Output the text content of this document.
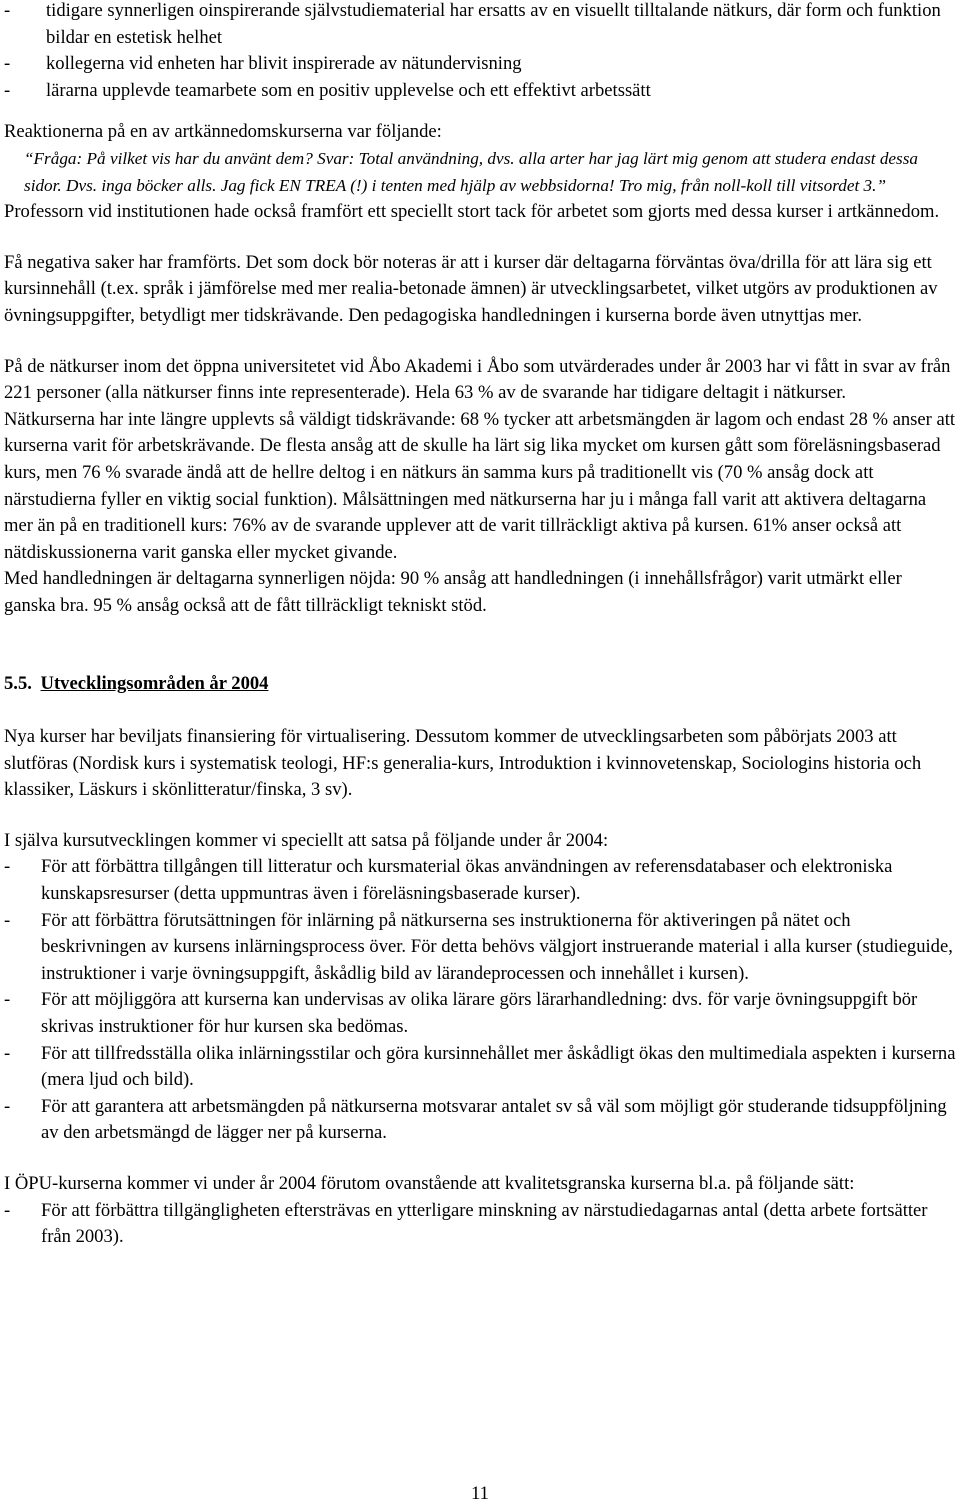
- tidigare synnerligen oinspirerande självstudiematerial har ersatts av en visuellt tilltalande nätkurs, där form och funktion bildar en estetisk helhet
- kollegerna vid enheten har blivit inspirerade av nätundervisning
- lärarna upplevde teamarbete som en positiv upplevelse och ett effektivt arbetssätt

Reaktionerna på en av artkännedomskurserna var följande:

“Fråga: På vilket vis har du använt dem? Svar: Total användning, dvs. alla arter har jag lärt mig genom att studera endast dessa sidor. Dvs. inga böcker alls. Jag fick EN TREA (!) i tenten med hjälp av webbsidorna! Tro mig, från noll-koll till vitsordet 3.”

Professorn vid institutionen hade också framfört ett speciellt stort tack för arbetet som gjorts med dessa kurser i artkännedom.

Få negativa saker har framförts. Det som dock bör noteras är att i kurser där deltagarna förväntas öva/drilla för att lära sig ett kursinnehåll (t.ex. språk i jämförelse med mer realia-betonade ämnen) är utvecklingsarbetet, vilket utgörs av produktionen av övningsuppgifter, betydligt mer tidskrävande. Den pedagogiska handledningen i kurserna borde även utnyttjas mer.

På de nätkurser inom det öppna universitetet vid Åbo Akademi i Åbo som utvärderades under år 2003 har vi fått in svar av från 221 personer (alla nätkurser finns inte representerade). Hela 63 % av de svarande har tidigare deltagit i nätkurser.

Nätkurserna har inte längre upplevts så väldigt tidskrävande: 68 % tycker att arbetsmängden är lagom och endast 28 % anser att kurserna varit för arbetskrävande. De flesta ansåg att de skulle ha lärt sig lika mycket om kursen gått som föreläsningsbaserad kurs, men 76 % svarade ändå att de hellre deltog i en nätkurs än samma kurs på traditionellt vis (70 % ansåg dock att närstudierna fyller en viktig social funktion). Målsättningen med nätkurserna har ju i många fall varit att aktivera deltagarna mer än på en traditionell kurs: 76% av de svarande upplever att de varit tillräckligt aktiva på kursen. 61% anser också att nätdiskussionerna varit ganska eller mycket givande.

Med handledningen är deltagarna synnerligen nöjda: 90 % ansåg att handledningen (i innehållsfrågor) varit utmärkt eller ganska bra. 95 % ansåg också att de fått tillräckligt tekniskt stöd.

5.5. Utvecklingsområden år 2004

Nya kurser har beviljats finansiering för virtualisering. Dessutom kommer de utvecklingsarbeten som påbörjats 2003 att slutföras (Nordisk kurs i systematisk teologi, HF:s generalia-kurs, Introduktion i kvinnovetenskap, Sociologins historia och klassiker, Läskurs i skönlitteratur/finska, 3 sv).

I själva kursutvecklingen kommer vi speciellt att satsa på följande under år 2004:

- För att förbättra tillgången till litteratur och kursmaterial ökas användningen av referensdatabaser och elektroniska kunskapsresurser (detta uppmuntras även i föreläsningsbaserade kurser).
- För att förbättra förutsättningen för inlärning på nätkurserna ses instruktionerna för aktiveringen på nätet och beskrivningen av kursens inlärningsprocess över. För detta behövs välgjort instruerande material i alla kurser (studieguide, instruktioner i varje övningsuppgift, åskådlig bild av lärandeprocessen och innehållet i kursen).
- För att möjliggöra att kurserna kan undervisas av olika lärare görs lärarhandledning: dvs. för varje övningsuppgift bör skrivas instruktioner för hur kursen ska bedömas.
- För att tillfredsställa olika inlärningsstilar och göra kursinnehållet mer åskådligt ökas den multimediala aspekten i kurserna (mera ljud och bild).
- För att garantera att arbetsmängden på nätkurserna motsvarar antalet sv så väl som möjligt gör studerande tidsuppföljning av den arbetsmängd de lägger ner på kurserna.

I ÖPU-kurserna kommer vi under år 2004 förutom ovanstående att kvalitetsgranska kurserna bl.a. på följande sätt:

- För att förbättra tillgängligheten eftersträvas en ytterligare minskning av närstudiedagarnas antal (detta arbete fortsätter från 2003).
11
